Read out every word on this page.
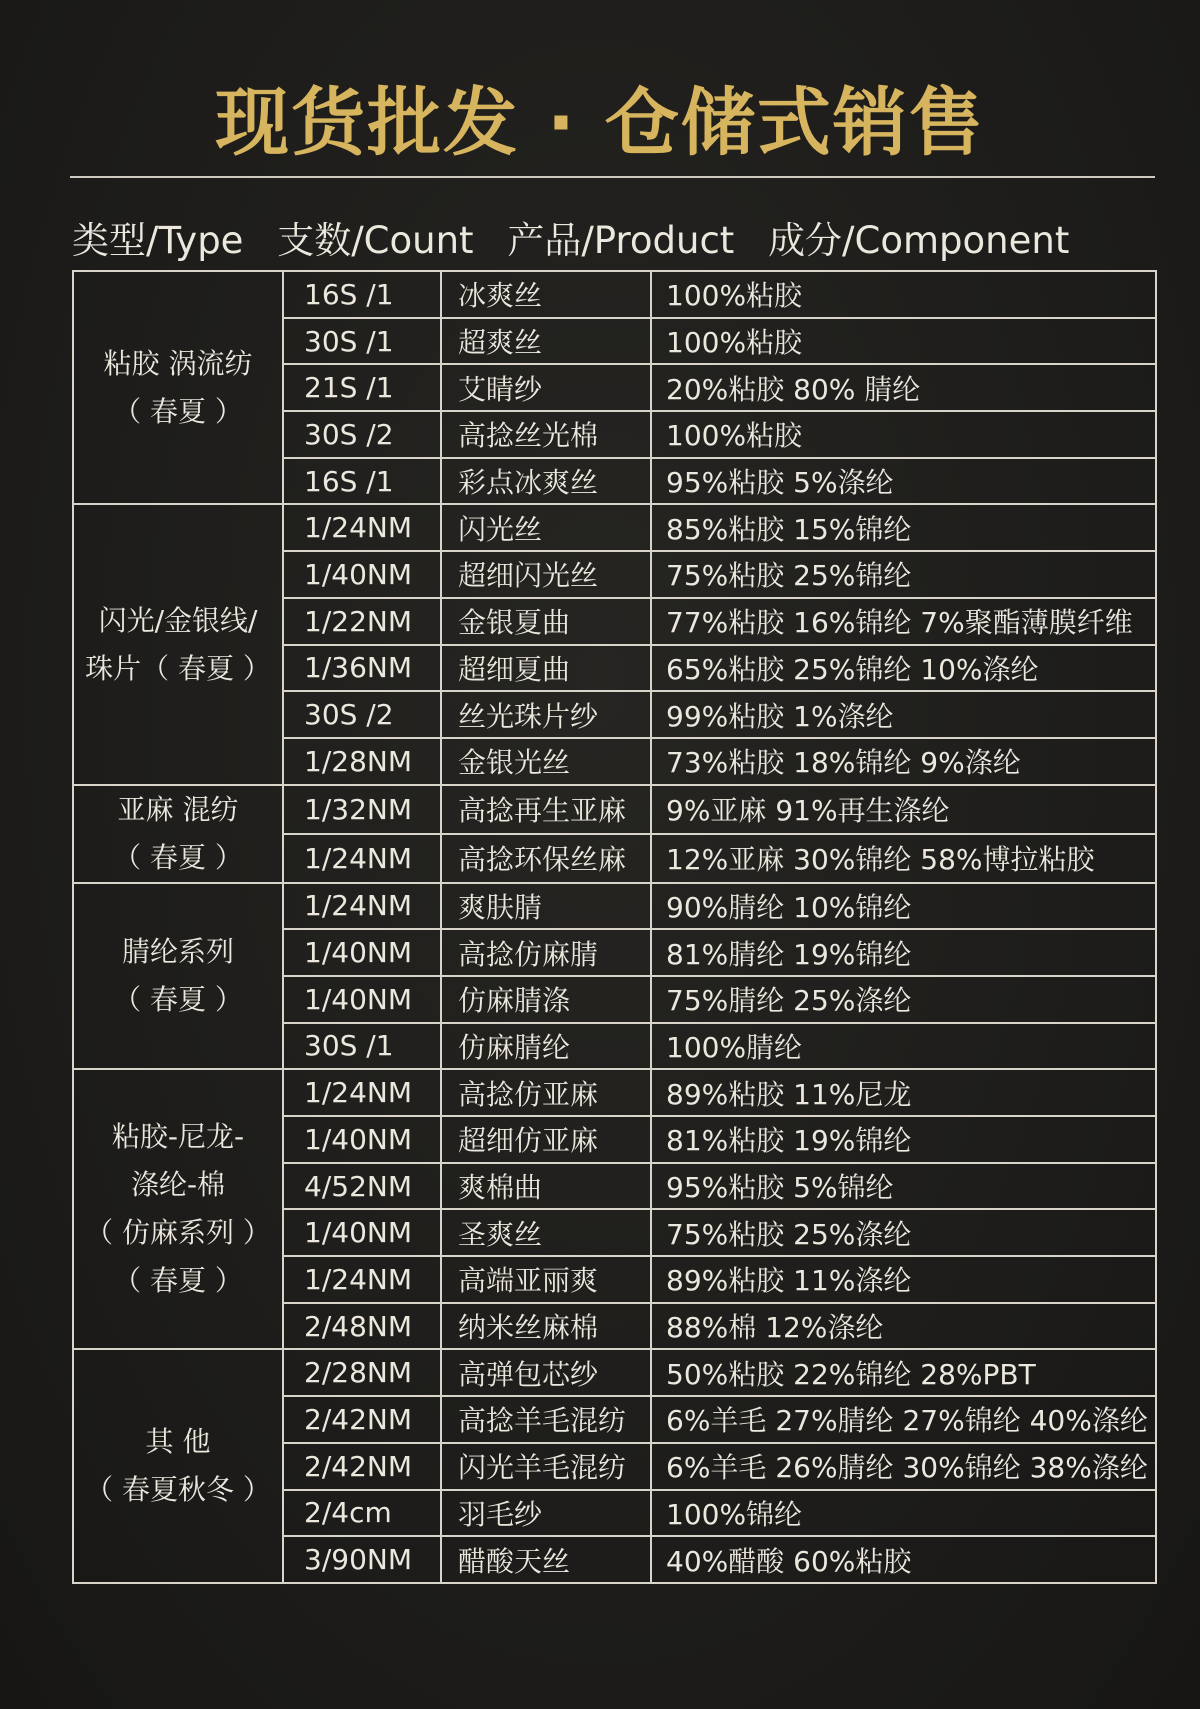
现货批发 · 仓储式销售
类型/Type 支数/Count 产品/Product 成分/Component
粘胶 涡流纺
（ 春夏 ）	16S /1	冰爽丝	100%粘胶
	30S /1	超爽丝	100%粘胶
	21S /1	艾睛纱	20%粘胶 80% 腈纶
	30S /2	高捻丝光棉	100%粘胶
	16S /1	彩点冰爽丝	95%粘胶 5%涤纶

闪光/金银线/
珠片（ 春夏 ）	1/24NM	闪光丝	85%粘胶 15%锦纶
	1/40NM	超细闪光丝	75%粘胶 25%锦纶
	1/22NM	金银夏曲	77%粘胶 16%锦纶 7%聚酯薄膜纤维
	1/36NM	超细夏曲	65%粘胶 25%锦纶 10%涤纶
	30S /2	丝光珠片纱	99%粘胶 1%涤纶
	1/28NM	金银光丝	73%粘胶 18%锦纶 9%涤纶

亚麻 混纺
（ 春夏 ）	1/32NM	高捻再生亚麻	9%亚麻 91%再生涤纶
	1/24NM	高捻环保丝麻	12%亚麻 30%锦纶 58%博拉粘胶

腈纶系列
（ 春夏 ）	1/24NM	爽肤腈	90%腈纶 10%锦纶
	1/40NM	高捻仿麻腈	81%腈纶 19%锦纶
	1/40NM	仿麻腈涤	75%腈纶 25%涤纶
	30S /1	仿麻腈纶	100%腈纶

粘胶-尼龙-
涤纶-棉
（ 仿麻系列 ）
（ 春夏 ）	1/24NM	高捻仿亚麻	89%粘胶 11%尼龙
	1/40NM	超细仿亚麻	81%粘胶 19%锦纶
	4/52NM	爽棉曲	95%粘胶 5%锦纶
	1/40NM	圣爽丝	75%粘胶 25%涤纶
	1/24NM	高端亚丽爽	89%粘胶 11%涤纶
	2/48NM	纳米丝麻棉	88%棉 12%涤纶

其 他
（ 春夏秋冬 ）	2/28NM	高弹包芯纱	50%粘胶 22%锦纶 28%PBT
	2/42NM	高捻羊毛混纺	6%羊毛 27%腈纶 27%锦纶 40%涤纶
	2/42NM	闪光羊毛混纺	6%羊毛 26%腈纶 30%锦纶 38%涤纶
	2/4cm	羽毛纱	100%锦纶
	3/90NM	醋酸天丝	40%醋酸 60%粘胶
